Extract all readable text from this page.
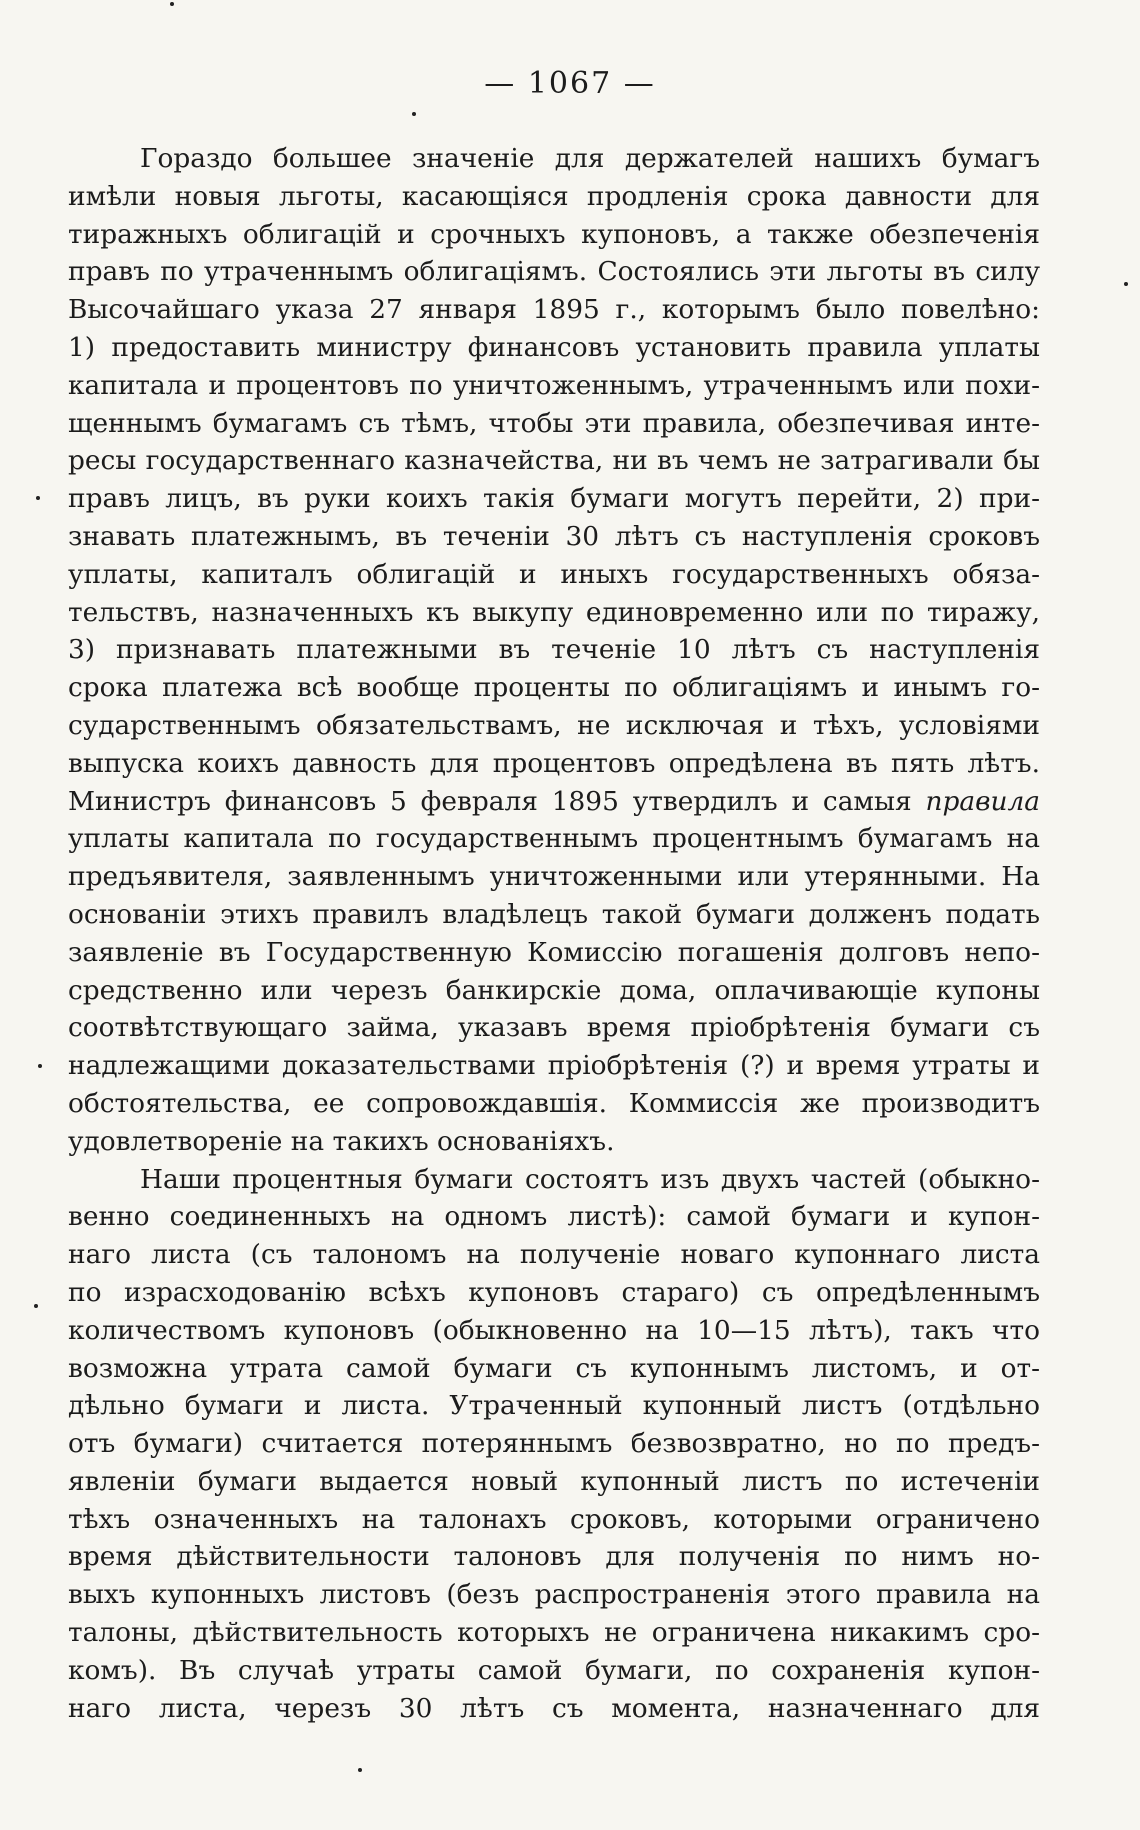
— 1067 —
Гораздо большее значеніе для держателей нашихъ бумагъ
имѣли новыя льготы, касающіяся продленія срока давности для
тиражныхъ облигацій и срочныхъ купоновъ, а также обезпеченія
правъ по утраченнымъ облигаціямъ. Состоялись эти льготы въ силу
Высочайшаго указа 27 января 1895 г., которымъ было повелѣно:
1) предоставить министру финансовъ установить правила уплаты
капитала и процентовъ по уничтоженнымъ, утраченнымъ или похи-
щеннымъ бумагамъ съ тѣмъ, чтобы эти правила, обезпечивая инте-
ресы государственнаго казначейства, ни въ чемъ не затрагивали бы
правъ лицъ, въ руки коихъ такія бумаги могутъ перейти, 2) при-
знавать платежнымъ, въ теченіи 30 лѣтъ съ наступленія сроковъ
уплаты, капиталъ облигацій и иныхъ государственныхъ обяза-
тельствъ, назначенныхъ къ выкупу единовременно или по тиражу,
3) признавать платежными въ теченіе 10 лѣтъ съ наступленія
срока платежа всѣ вообще проценты по облигаціямъ и инымъ го-
сударственнымъ обязательствамъ, не исключая и тѣхъ, условіями
выпуска коихъ давность для процентовъ опредѣлена въ пять лѣтъ.
Министръ финансовъ 5 февраля 1895 утвердилъ и самыя правила
уплаты капитала по государственнымъ процентнымъ бумагамъ на
предъявителя, заявленнымъ уничтоженными или утерянными. На
основаніи этихъ правилъ владѣлецъ такой бумаги долженъ подать
заявленіе въ Государственную Комиссію погашенія долговъ непо-
средственно или черезъ банкирскіе дома, оплачивающіе купоны
соотвѣтствующаго займа, указавъ время пріобрѣтенія бумаги съ
надлежащими доказательствами пріобрѣтенія (?) и время утраты и
обстоятельства, ее сопровождавшія. Коммиссія же производитъ
удовлетвореніе на такихъ основаніяхъ.
Наши процентныя бумаги состоятъ изъ двухъ частей (обыкно-
венно соединенныхъ на одномъ листѣ): самой бумаги и купон-
наго листа (съ талономъ на полученіе новаго купоннаго листа
по израсходованію всѣхъ купоновъ стараго) съ опредѣленнымъ
количествомъ купоновъ (обыкновенно на 10—15 лѣтъ), такъ что
возможна утрата самой бумаги съ купоннымъ листомъ, и от-
дѣльно бумаги и листа. Утраченный купонный листъ (отдѣльно
отъ бумаги) считается потеряннымъ безвозвратно, но по предъ-
явленіи бумаги выдается новый купонный листъ по истеченіи
тѣхъ означенныхъ на талонахъ сроковъ, которыми ограничено
время дѣйствительности талоновъ для полученія по нимъ но-
выхъ купонныхъ листовъ (безъ распространенія этого правила на
талоны, дѣйствительность которыхъ не ограничена никакимъ сро-
комъ). Въ случаѣ утраты самой бумаги, по сохраненія купон-
наго листа, черезъ 30 лѣтъ съ момента, назначеннаго для
